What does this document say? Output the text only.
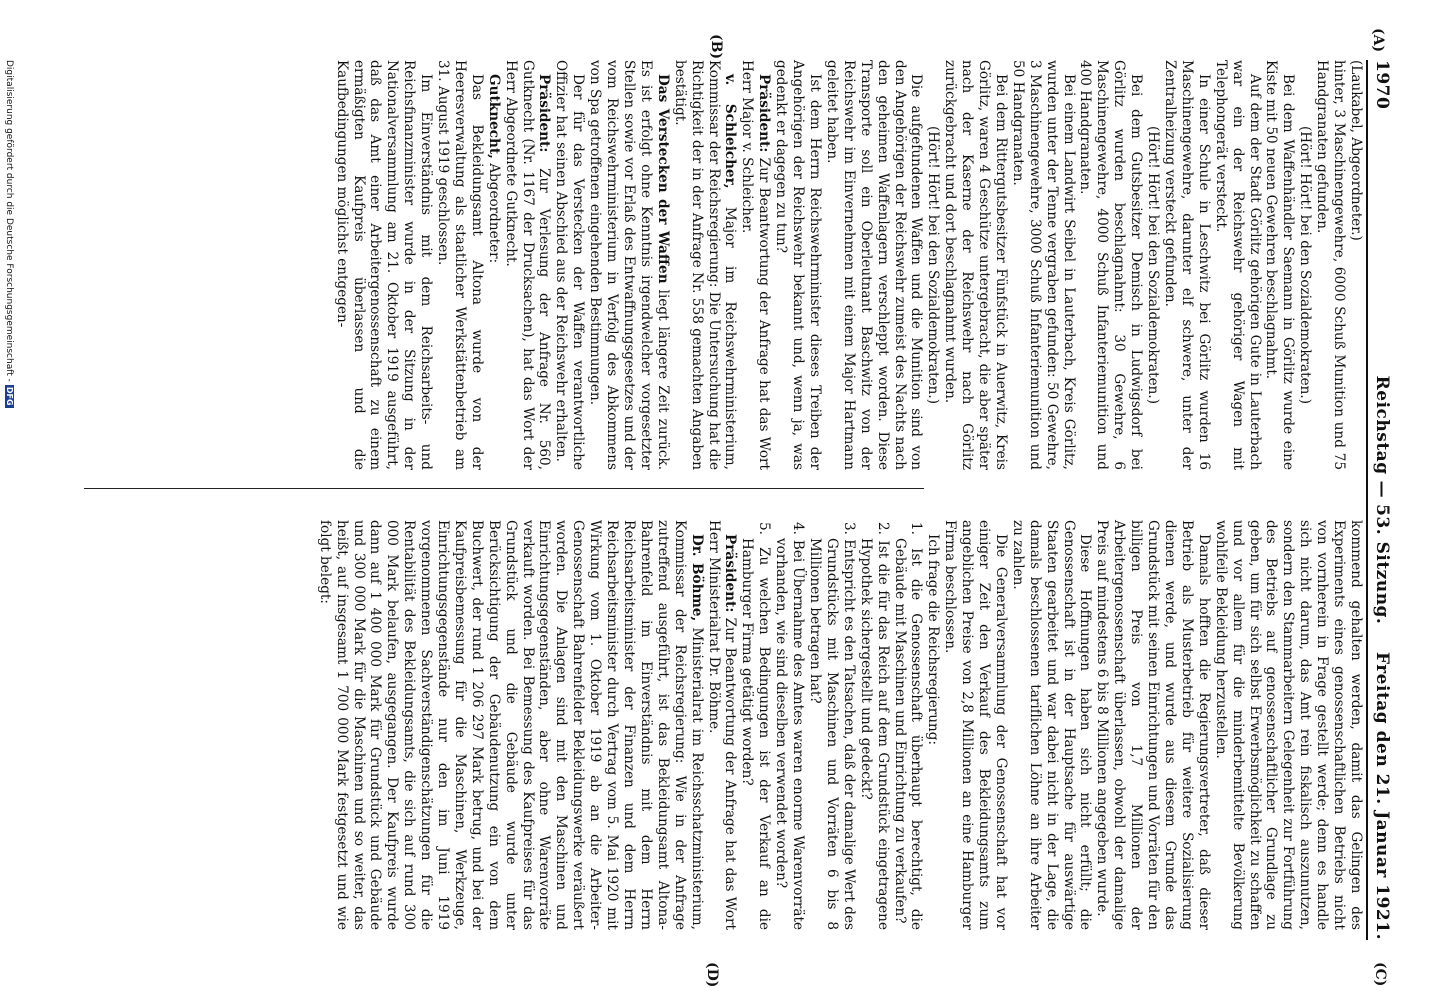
1970
Reichstag—53. Sitzung.
Freitag den 21. Januar 1921.
(A)
(B)
(C)
(D)

(Laukabel, Abgeordneter.)

hinter, 3 Maschinengewehre, 6000 Schuß Munition und 75 Handgranaten gefunden.

(Hört! Hört! bei den Sozialdemokraten.)

Bei dem Waffenhändler Saemann in Görlitz wurde eine Kiste mit 50 neuen Gewehren beschlagnahmt.

Auf dem der Stadt Görlitz gehörigen Gute in Lauterbach war ein der Reichswehr gehöriger Wagen mit Telephongerät versteckt.

In einer Schule in Leschwitz bei Görlitz wurden 16 Maschinengewehre, darunter elf schwere, unter der Zentralheizung versteckt gefunden.

(Hört! Hört! bei den Sozialdemokraten.)

Bei dem Gutsbesitzer Demisch in Ludwigsdorf bei Görlitz wurden beschlagnahmt: 30 Gewehre, 6 Maschinengewehre, 4000 Schuß Infanteriemunition und 400 Handgranaten.

Bei einem Landwirt Seibel in Lauterbach, Kreis Görlitz, wurden unter der Tenne vergraben gefunden: 50 Gewehre, 3 Maschinengewehre, 3000 Schuß Infanteriemunition und 50 Handgranaten.

Bei dem Rittergutsbesitzer Fünfstück in Auerwitz, Kreis Görlitz, waren 4 Geschütze untergebracht, die aber später nach der Kaserne der Reichswehr nach Görlitz zurückgebracht und dort beschlagnahmt wurden.

(Hört! Hört! bei den Sozialdemokraten.)

Die aufgefundenen Waffen und die Munition sind von den Angehörigen der Reichswehr zumeist des Nachts nach den geheimen Waffenlagern verschleppt worden. Diese Transporte soll ein Oberleutnant Baschwitz von der Reichswehr im Einvernehmen mit einem Major Hartmann geleitet haben.

Ist dem Herrn Reichswehrminister dieses Treiben der Angehörigen der Reichswehr bekannt und, wenn ja, was gedenkt er dagegen zu tun?

Präsident: Zur Beantwortung der Anfrage hat das Wort Herr Major v. Schleicher.

v. Schleicher, Major im Reichswehrministerium, Kommissar der Reichsregierung: Die Untersuchung hat die Richtigkeit der in der Anfrage Nr. 558 gemachten Angaben bestätigt.

Das Verstecken der Waffen liegt längere Zeit zurück. Es ist erfolgt ohne Kenntnis irgendwelcher vorgesetzter Stellen sowie vor Erlaß des Entwaffnungsgesetzes und der vom Reichswehrministerium in Verfolg des Abkommens von Spa getroffenen eingehenden Bestimmungen.

Der für das Verstecken der Waffen verantwortliche Offizier hat seinen Abschied aus der Reichswehr erhalten.

Präsident: Zur Verlesung der Anfrage Nr. 560, Gutknecht (Nr. 1167 der Drucksachen), hat das Wort der Herr Abgeordnete Gutknecht.

Gutknecht, Abgeordneter:

Das Bekleidungsamt Altona wurde von der Heeresverwaltung als staatlicher Werkstättenbetrieb am 31. August 1919 geschlossen.

Im Einverständnis mit dem Reichsarbeits- und Reichsfinanzminister wurde in der Sitzung in der Nationalversammlung am 21. Oktober 1919 ausgeführt, daß das Amt einer Arbeitergenossenschaft zu einem ermäßigten Kaufpreis überlassen und die Kaufbedingungen möglichst entgegen-

kommend gehalten werden, damit das Gelingen des Experiments eines genossenschaftlichen Betriebs nicht von vornherein in Frage gestellt werde; denn es handle sich nicht darum, das Amt rein fiskalisch auszunutzen, sondern den Stammarbeitern Gelegenheit zur Fortführung des Betriebs auf genossenschaftlicher Grundlage zu geben, um für sich selbst Erwerbsmöglichkeit zu schaffen und vor allem für die minderbemittelte Bevölkerung wohlfeile Bekleidung herzustellen.

Damals hofften die Regierungsvertreter, daß dieser Betrieb als Musterbetrieb für weitere Sozialisierung dienen werde, und wurde aus diesem Grunde das Grundstück mit seinen Einrichtungen und Vorräten für den billigen Preis von 1,7 Millionen der Arbeitergenossenschaft überlassen, obwohl der damalige Preis auf mindestens 6 bis 8 Millionen angegeben wurde.

Diese Hoffnungen haben sich nicht erfüllt; die Genossenschaft ist in der Hauptsache für auswärtige Staaten gearbeitet und war dabei nicht in der Lage, die damals beschlossenen tariflichen Löhne an ihre Arbeiter zu zahlen.

Die Generalversammlung der Genossenschaft hat vor einiger Zeit den Verkauf des Bekleidungsamts zum angeblichen Preise von 2,8 Millionen an eine Hamburger Firma beschlossen.

Ich frage die Reichsregierung:

1. Ist die Genossenschaft überhaupt berechtigt, die Gebäude mit Maschinen und Einrichtung zu verkaufen?

2. Ist die für das Reich auf dem Grundstück eingetragene Hypothek sichergestellt und gedeckt?

3. Entspricht es den Tatsachen, daß der damalige Wert des Grundstücks mit Maschinen und Vorräten 6 bis 8 Millionen betragen hat?

4. Bei Übernahme des Amtes waren enorme Warenvorräte vorhanden, wie sind dieselben verwendet worden?

5. Zu welchen Bedingungen ist der Verkauf an die Hamburger Firma getätigt worden?

Präsident: Zur Beantwortung der Anfrage hat das Wort Herr Ministerialrat Dr. Böhme.

Dr. Böhme, Ministerialrat im Reichsschatzministerium, Kommissar der Reichsregierung: Wie in der Anfrage zutreffend ausgeführt, ist das Bekleidungsamt Altona-Bahrenfeld im Einverständnis mit dem Herrn Reichsarbeitsminister der Finanzen und dem Herrn Reichsarbeitsminister durch Vertrag vom 5. Mai 1920 mit Wirkung vom 1. Oktober 1919 ab an die Arbeiter-Genossenschaft Bahrenfelder Bekleidungswerke veräußert worden. Die Anlagen sind mit den Maschinen und Einrichtungsgegenständen, aber ohne Warenvorräte verkauft worden. Bei Bemessung des Kaufpreises für das Grundstück und die Gebäude wurde unter Berücksichtigung der Gebäudenutzung ein von dem Buchwert, der rund 1 206 297 Mark betrug, und bei der Kaufpreisbemessung für die Maschinen, Werkzeuge, Einrichtungsgegenstände nur den im Juni 1919 vorgenommenen Sachverständigenschätzungen für die Rentabilität des Bekleidungsamts, die sich auf rund 300 000 Mark belaufen, ausgegangen. Der Kaufpreis wurde dann auf 1 400 000 Mark für Grundstück und Gebäude und 300 000 Mark für die Maschinen und so weiter, das heißt, auf insgesamt 1 700 000 Mark festgesetzt und wie folgt belegt:

Digitalisierung gefördert durch die Deutsche Forschungsgemeinschaft -DFG
